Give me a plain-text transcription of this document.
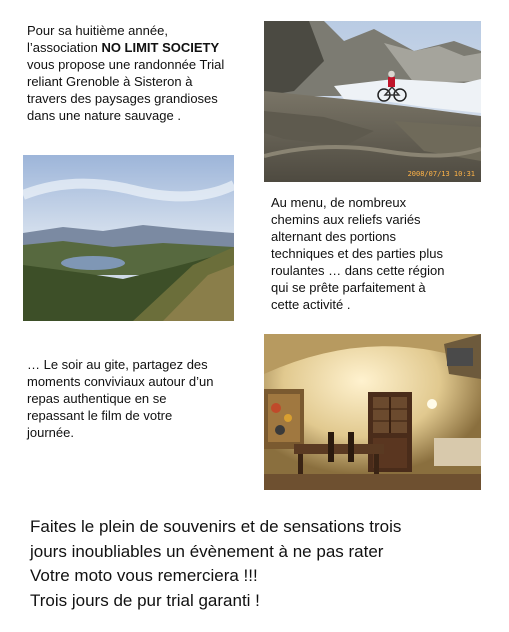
Pour sa huitième année,
l’association NO LIMIT SOCIETY
vous propose une randonnée Trial
reliant Grenoble à Sisteron à
travers des paysages grandioses
dans une nature sauvage .
2008/07/13 10:31
Au menu, de nombreux
chemins aux reliefs variés
alternant des portions
techniques et des parties plus
roulantes … dans cette région
qui se prête parfaitement à
cette activité .
… Le soir au gite, partagez des
moments conviviaux autour d’un
repas authentique en se
repassant le film de votre
journée.
Faites le plein de souvenirs et de sensations trois
jours inoubliables un évènement à ne pas rater
Votre moto vous remerciera !!!
Trois jours de pur trial garanti !
